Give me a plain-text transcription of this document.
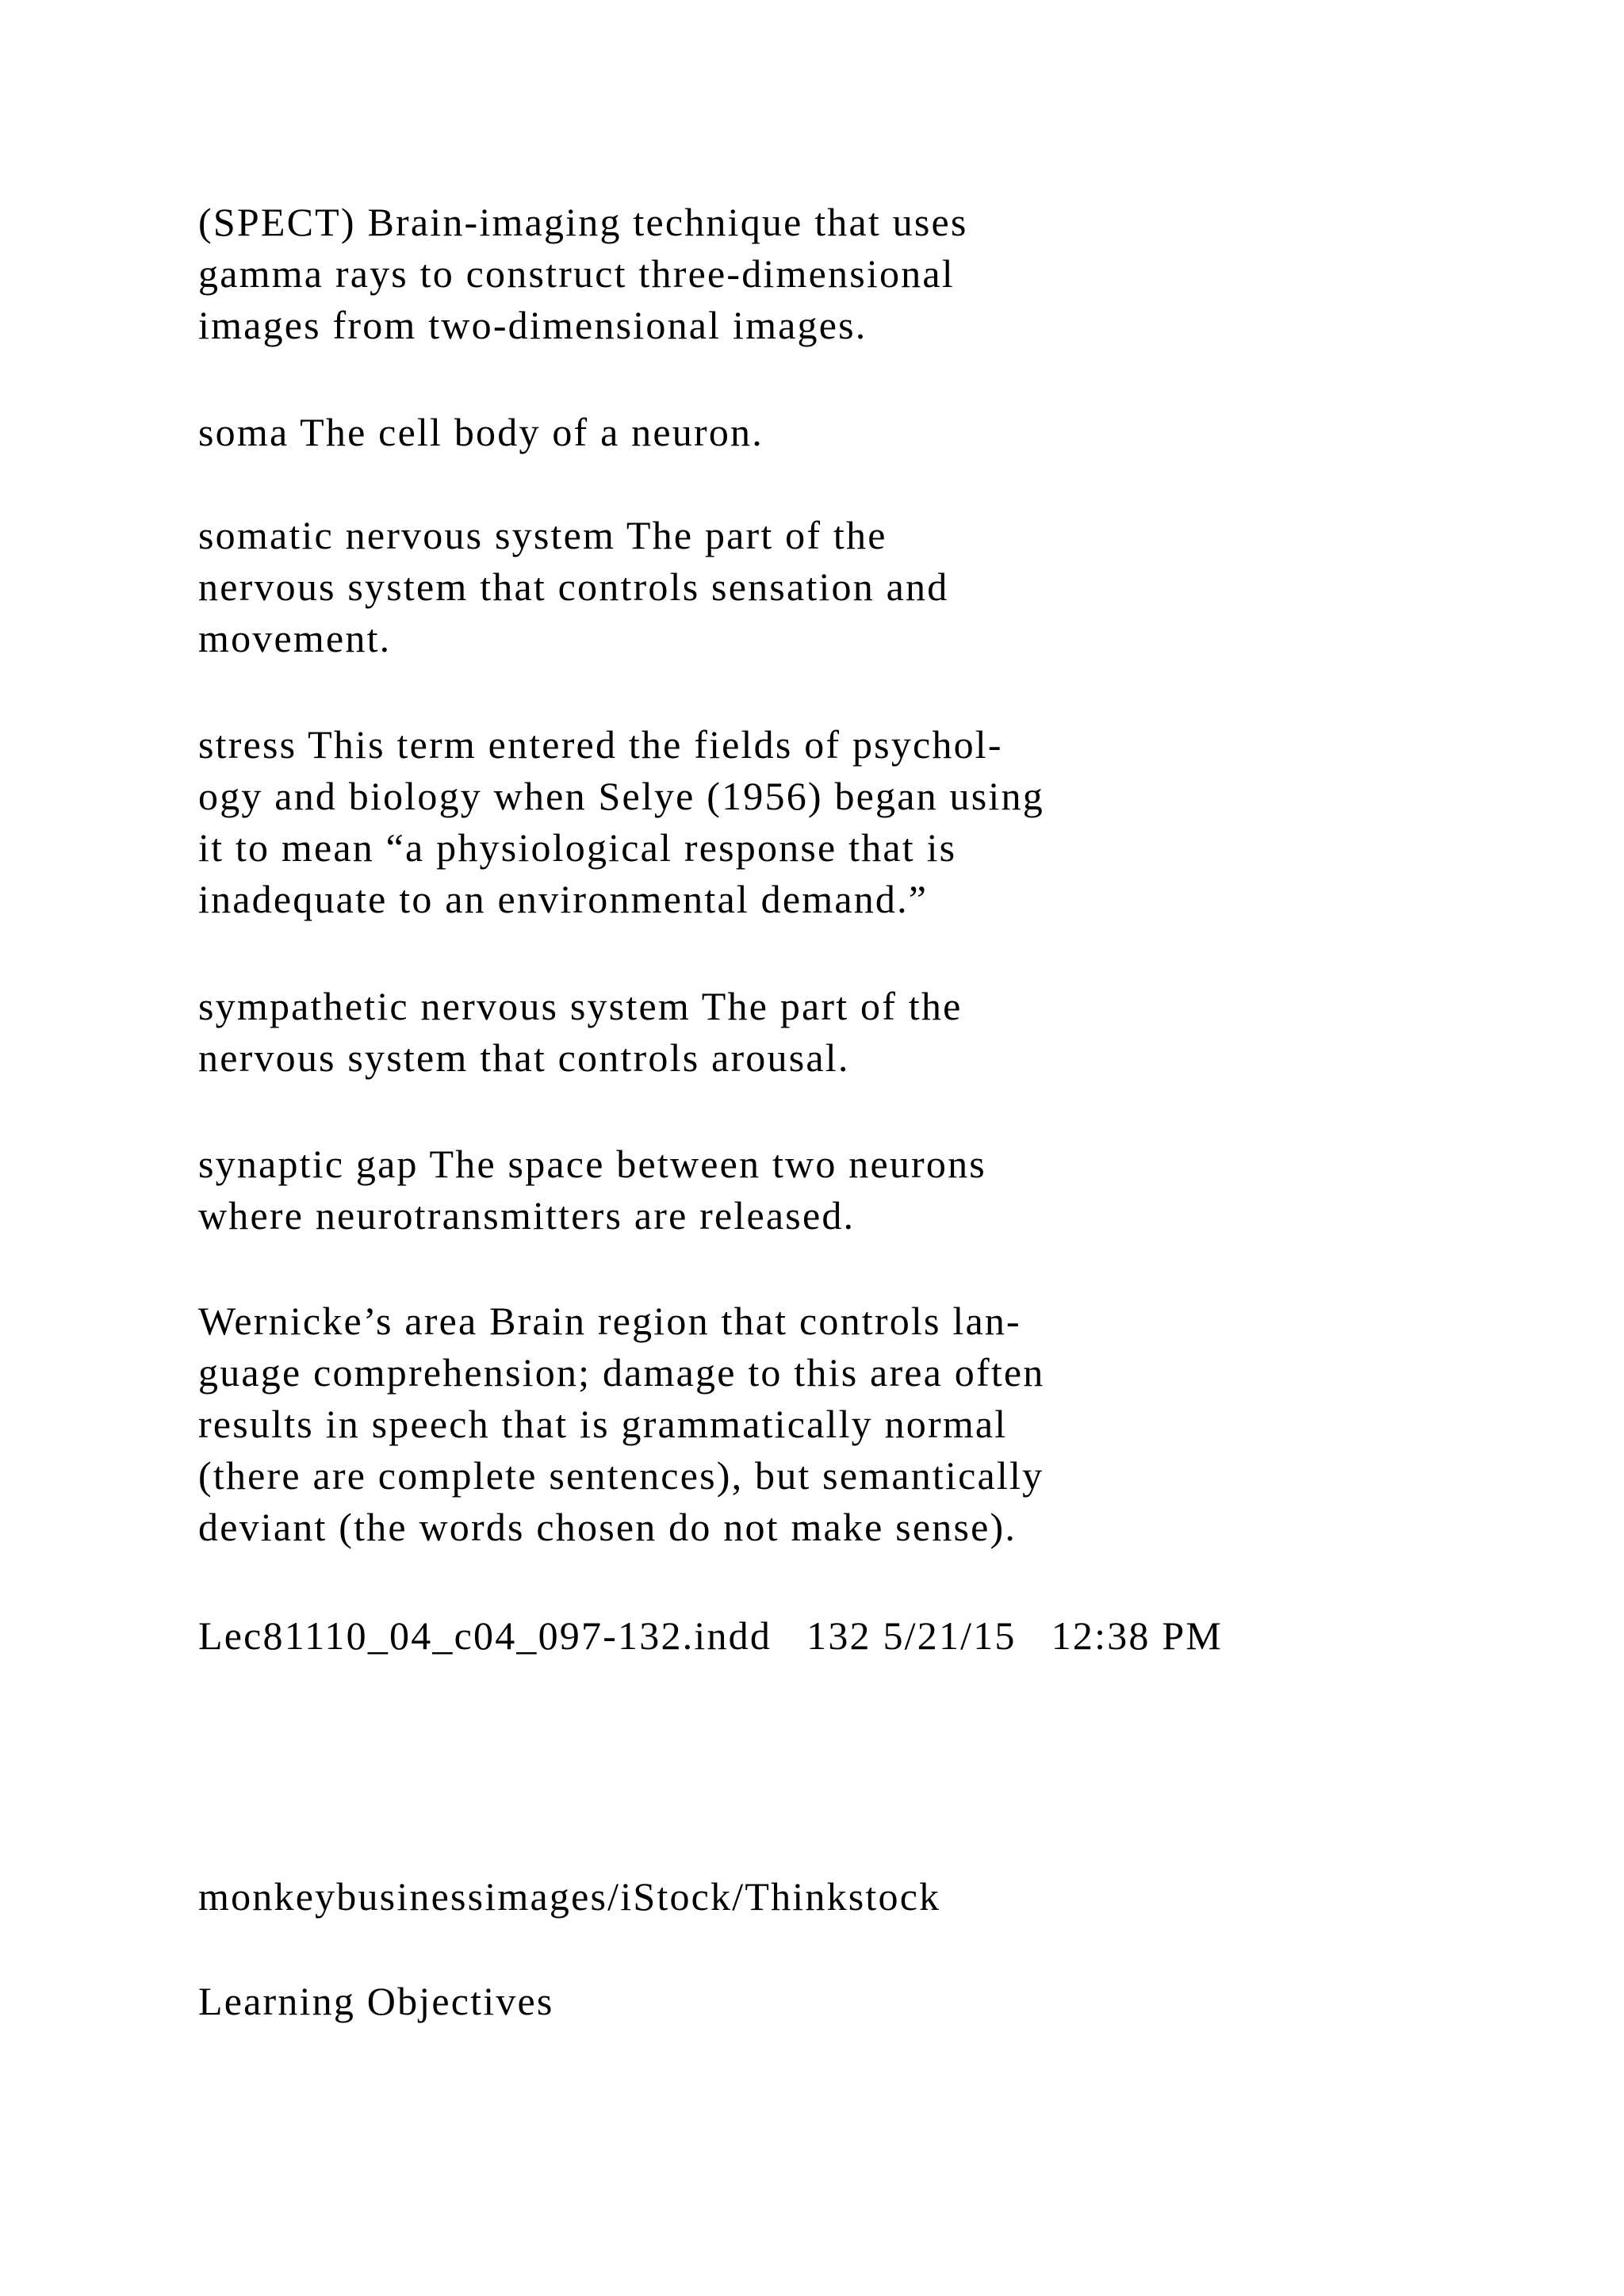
(SPECT) Brain-imaging technique that uses
gamma rays to construct three-dimensional
images from two-dimensional images.
soma The cell body of a neuron.
somatic nervous system The part of the
nervous system that controls sensation and
movement.
stress This term entered the fields of psychol-
ogy and biology when Selye (1956) began using
it to mean “a physiological response that is
inadequate to an environmental demand.”
sympathetic nervous system The part of the
nervous system that controls arousal.
synaptic gap The space between two neurons
where neurotransmitters are released.
Wernicke’s area Brain region that controls lan-
guage comprehension; damage to this area often
results in speech that is grammatically normal
(there are complete sentences), but semantically
deviant (the words chosen do not make sense).
Lec81110_04_c04_097-132.indd   132 5/21/15   12:38 PM
monkeybusinessimages/iStock/Thinkstock
Learning Objectives
